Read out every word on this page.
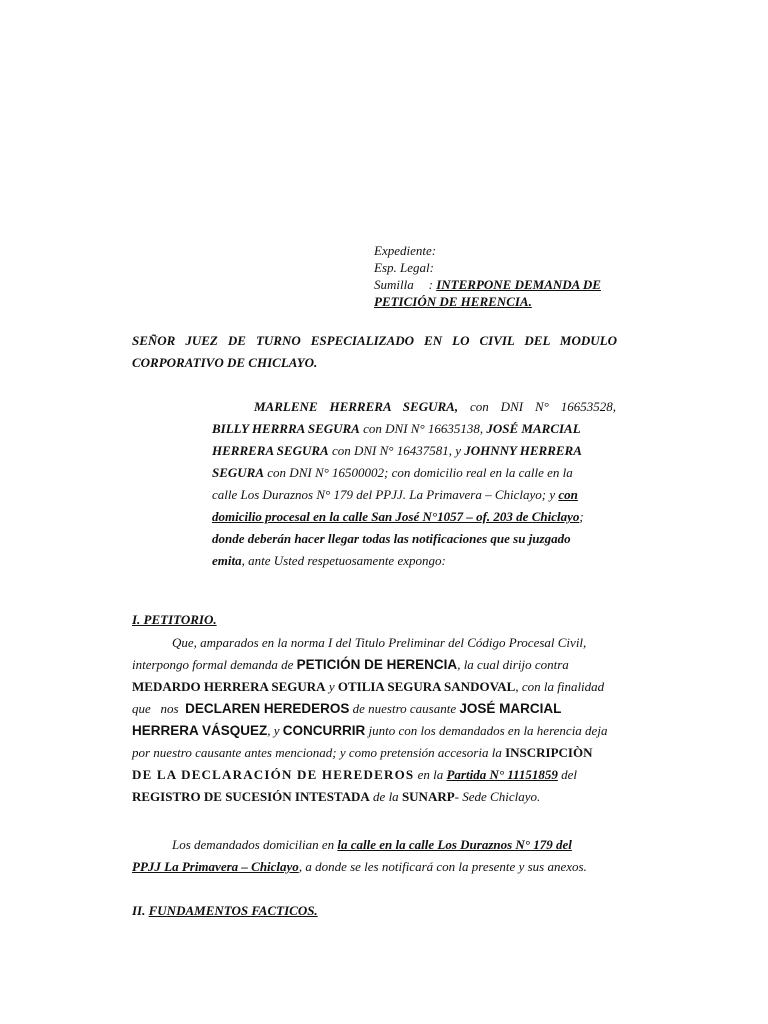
Expediente:
Esp. Legal:
Sumilla : INTERPONE DEMANDA DE
PETICIÓN DE HERENCIA.
SEÑOR JUEZ DE TURNO ESPECIALIZADO EN LO CIVIL DEL MODULO
CORPORATIVO DE CHICLAYO.
MARLENE HERRERA SEGURA, con DNI N° 16653528,
BILLY HERRRA SEGURA con DNI N° 16635138, JOSÉ MARCIAL
HERRERA SEGURA con DNI N° 16437581, y JOHNNY HERRERA
SEGURA con DNI N° 16500002; con domicilio real en la calle en la
calle Los Duraznos N° 179 del PPJJ. La Primavera – Chiclayo; y con
domicilio procesal en la calle San José N°1057 – of. 203 de Chiclayo;
donde deberán hacer llegar todas las notificaciones que su juzgado
emita, ante Usted respetuosamente expongo:
I. PETITORIO.
Que, amparados en la norma I del Titulo Preliminar del Código Procesal Civil,
interpongo formal demanda de PETICIÓN DE HERENCIA, la cual dirijo contra
MEDARDO HERRERA SEGURA y OTILIA SEGURA SANDOVAL, con la finalidad
que   nos  DECLAREN HEREDEROS de nuestro causante JOSÉ MARCIAL
HERRERA VÁSQUEZ, y CONCURRIR junto con los demandados en la herencia deja
por nuestro causante antes mencionad; y como pretensión accesoria la INSCRIPCIÒN
DE LA DECLARACIÓN DE HEREDEROS en la Partida N° 11151859 del
REGISTRO DE SUCESIÓN INTESTADA de la SUNARP- Sede Chiclayo.
Los demandados domicilian en la calle en la calle Los Duraznos N° 179 del
PPJJ La Primavera – Chiclayo, a donde se les notificará con la presente y sus anexos.
II. FUNDAMENTOS FACTICOS.
